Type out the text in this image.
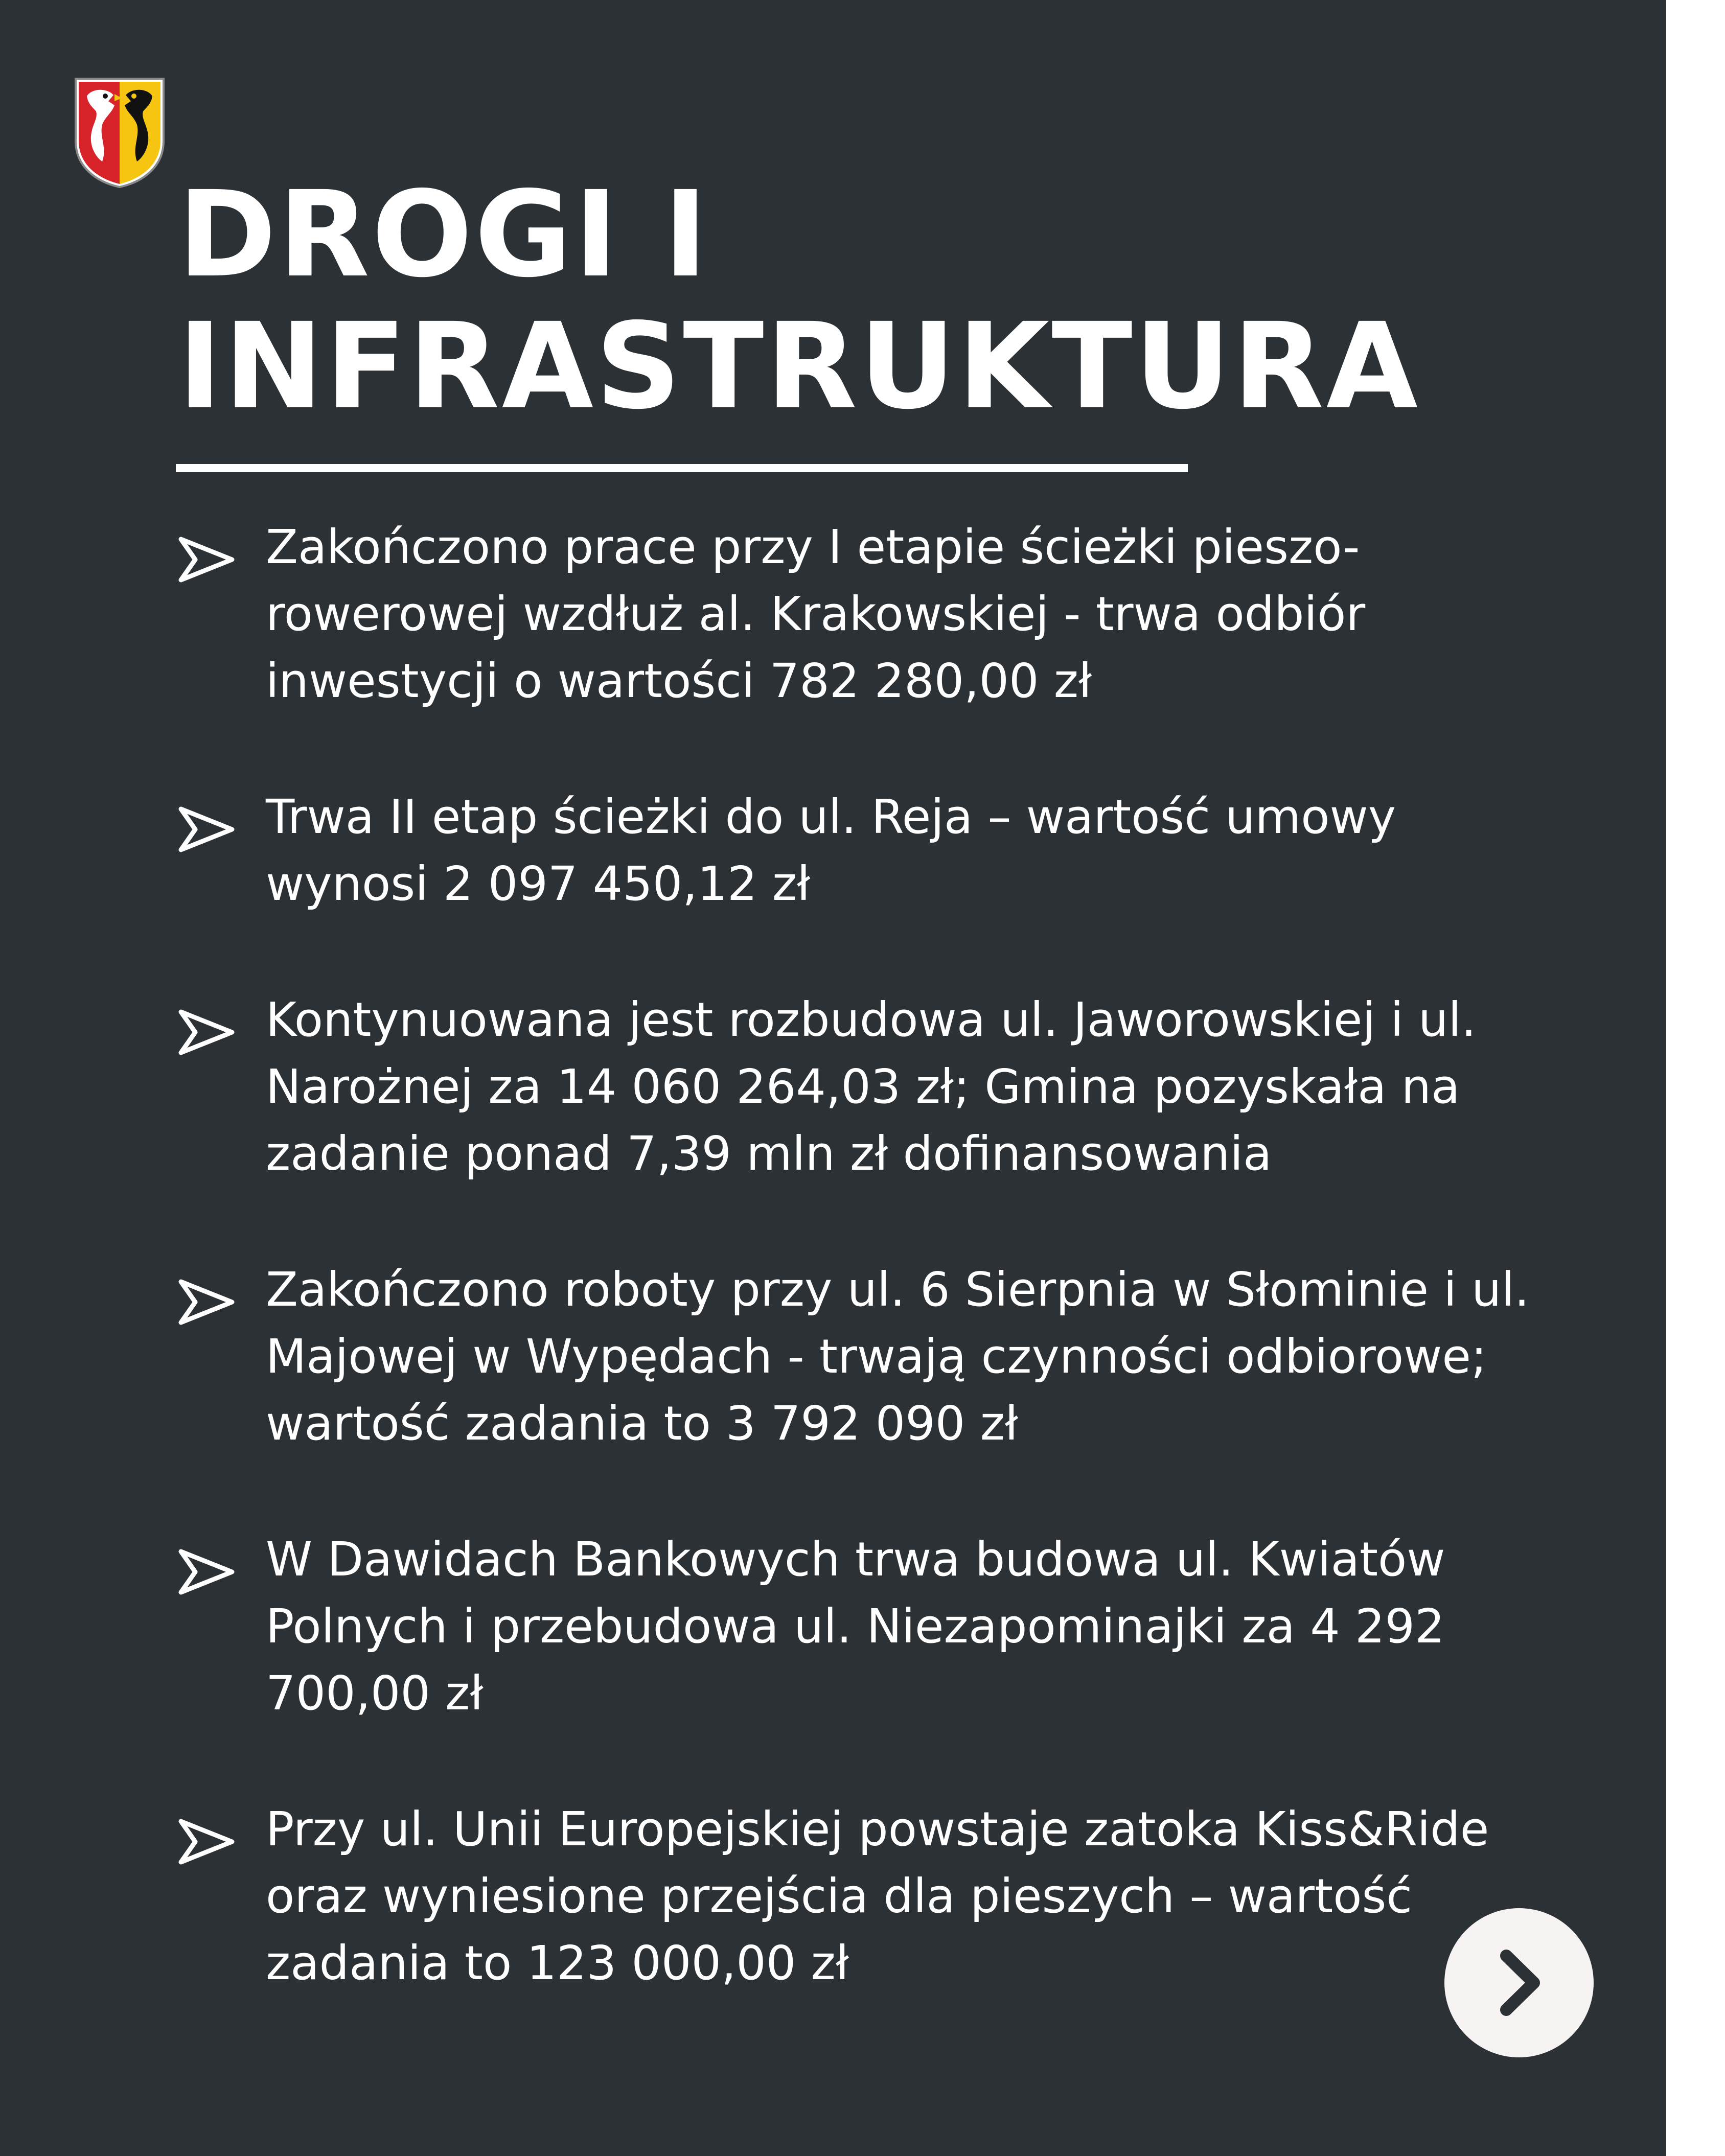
DROGI I
INFRASTRUKTURA
Zakończono prace przy I etapie ścieżki pieszo-rowerowej wzdłuż al. Krakowskiej - trwa odbiór inwestycji o wartości 782 280,00 zł
Trwa II etap ścieżki do ul. Reja – wartość umowy wynosi 2 097 450,12 zł
Kontynuowana jest rozbudowa ul. Jaworowskiej i ul. Narożnej za 14 060 264,03 zł; Gmina pozyskała na zadanie ponad 7,39 mln zł dofinansowania
Zakończono roboty przy ul. 6 Sierpnia w Słominie i ul. Majowej w Wypędach - trwają czynności odbiorowe; wartość zadania to 3 792 090 zł
W Dawidach Bankowych trwa budowa ul. Kwiatów Polnych i przebudowa ul. Niezapominajki za 4 292 700,00 zł
Przy ul. Unii Europejskiej powstaje zatoka Kiss&Ride oraz wyniesione przejścia dla pieszych – wartość zadania to 123 000,00 zł
